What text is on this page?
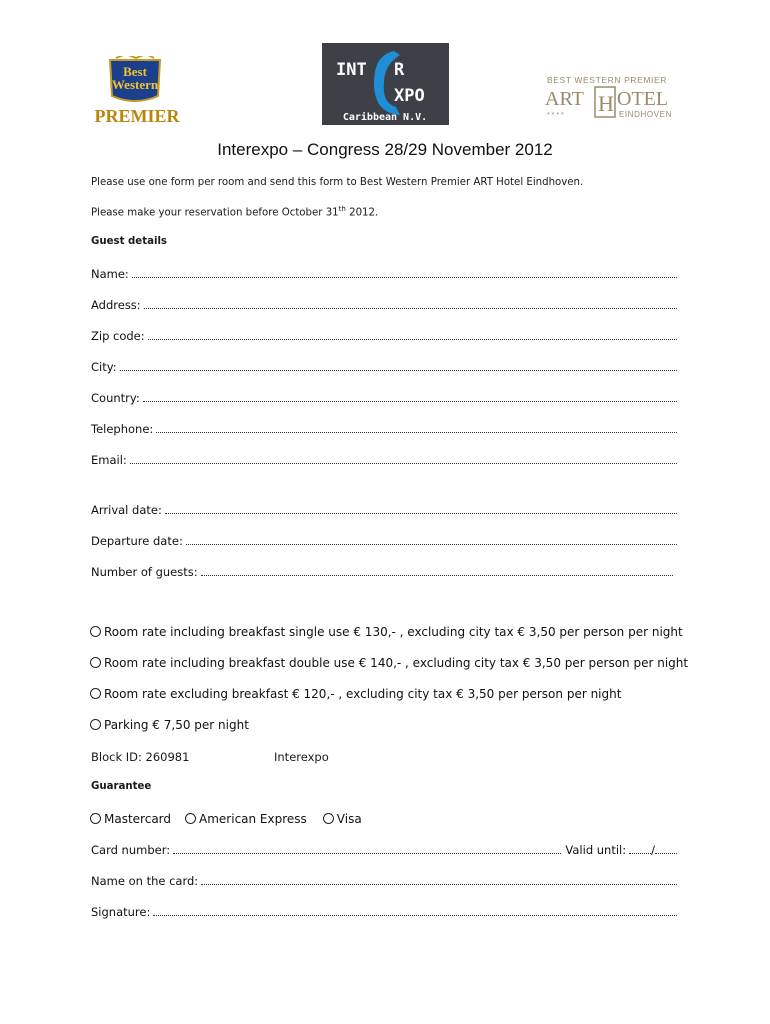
Best
Western
PREMIER
INT R
XPO
Caribbean N.V.
BEST WESTERN PREMIER
ART H OTEL
* * * *	EINDHOVEN
Interexpo – Congress 28/29 November 2012
Please use one form per room and send this form to Best Western Premier ART Hotel Eindhoven.
Please make your reservation before October 31th 2012.
Guest details
Name:
Address:
Zip code:
City:
Country:
Telephone:
Email:
Arrival date:
Departure date:
Number of guests:
Room rate including breakfast single use € 130,- , excluding city tax € 3,50 per person per night
Room rate including breakfast double use € 140,- , excluding city tax € 3,50 per person per night
Room rate excluding breakfast € 120,- , excluding city tax € 3,50 per person per night
Parking € 7,50 per night
Block ID: 260981	Interexpo
Guarantee
Mastercard American Express	Visa
Card number:	Valid until: /
Name on the card:
Signature:
